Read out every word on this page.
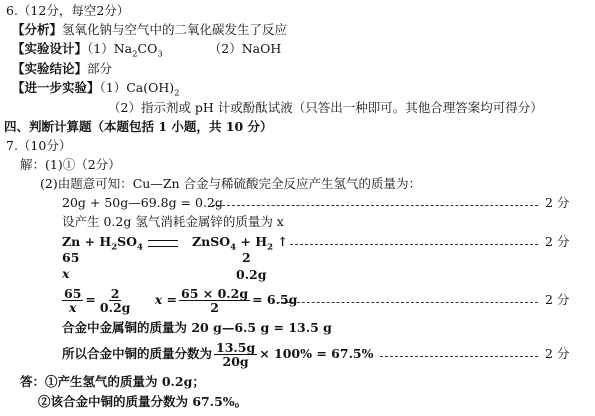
6.（12分，每空2分）
【分析】氢氧化钠与空气中的二氧化碳发生了反应
【实验设计】$(1)Na_2CO_3$	（2）NaOH
【实验结论】部分
【进一步实验】$(1)Ca(OH)_2$
（2）指示剂或 pH 计或酚酞试液（只答出一种即可。其他合理答案均可得分）
四、判断计算题（本题包括 1 小题，共 10 分）
7.（10分）
解：(1)①（2分）
(2)由题意可知：Cu—Zn 合金与稀硫酸完全反应产生氢气的质量为：
20g + 50g—69.8g = 0.2g	2 分
设产生 0.2g 氢气消耗金属锌的质量为 x
$Zn + H_2SO_4$	ZnSO$_4$ + $H_2$ ↑	2 分
65	2
x	0.2g
$\frac{65}{x} = \frac{2}{0.2g}$ $x = \frac{65 \times 0.2g}{2} = 6.5g$	2 分
合金中金属铜的质量为 20 g—6.5 g = 13.5 g
所以合金中铜的质量分数为 $\frac{13.5g}{20g} \times 100\% = 67.5\%$	2 分
答：①产生氢气的质量为 0.2g；
②该合金中铜的质量分数为 67.5%。
